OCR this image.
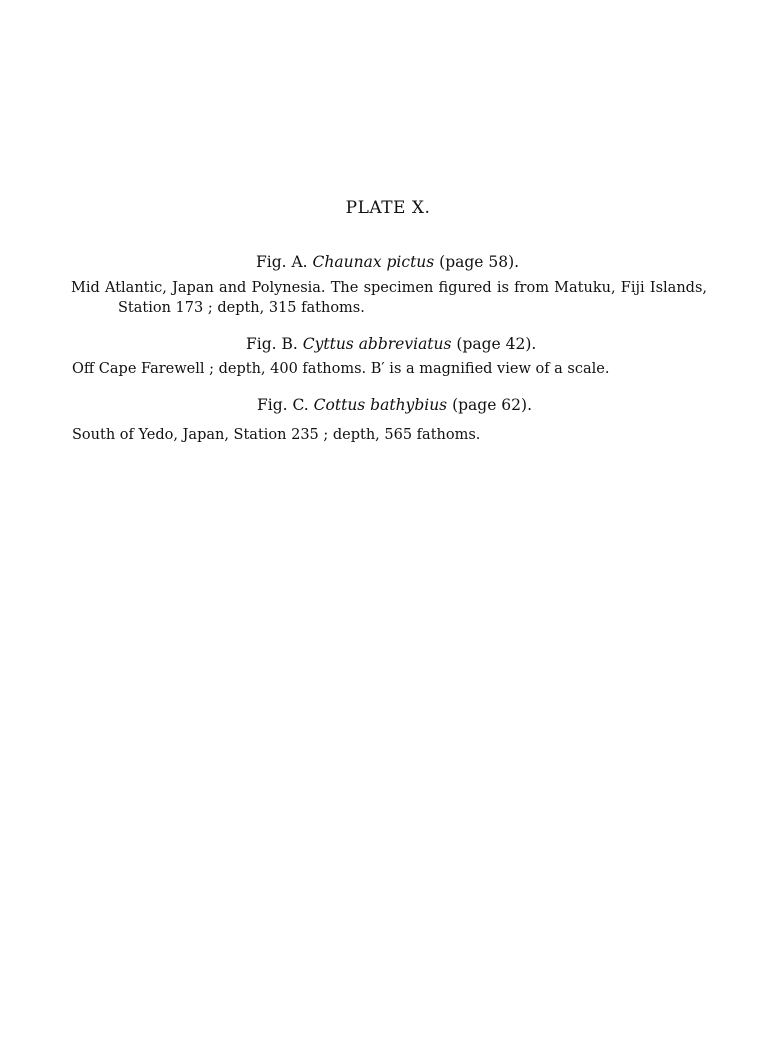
PLATE X.
Fig. A. Chaunax pictus (page 58).
Mid Atlantic, Japan and Polynesia. The specimen figured is from Matuku, Fiji Islands,
Station 173 ; depth, 315 fathoms.
Fig. B. Cyttus abbreviatus (page 42).
Off Cape Farewell ; depth, 400 fathoms. B′ is a magnified view of a scale.
Fig. C. Cottus bathybius (page 62).
South of Yedo, Japan, Station 235 ; depth, 565 fathoms.
